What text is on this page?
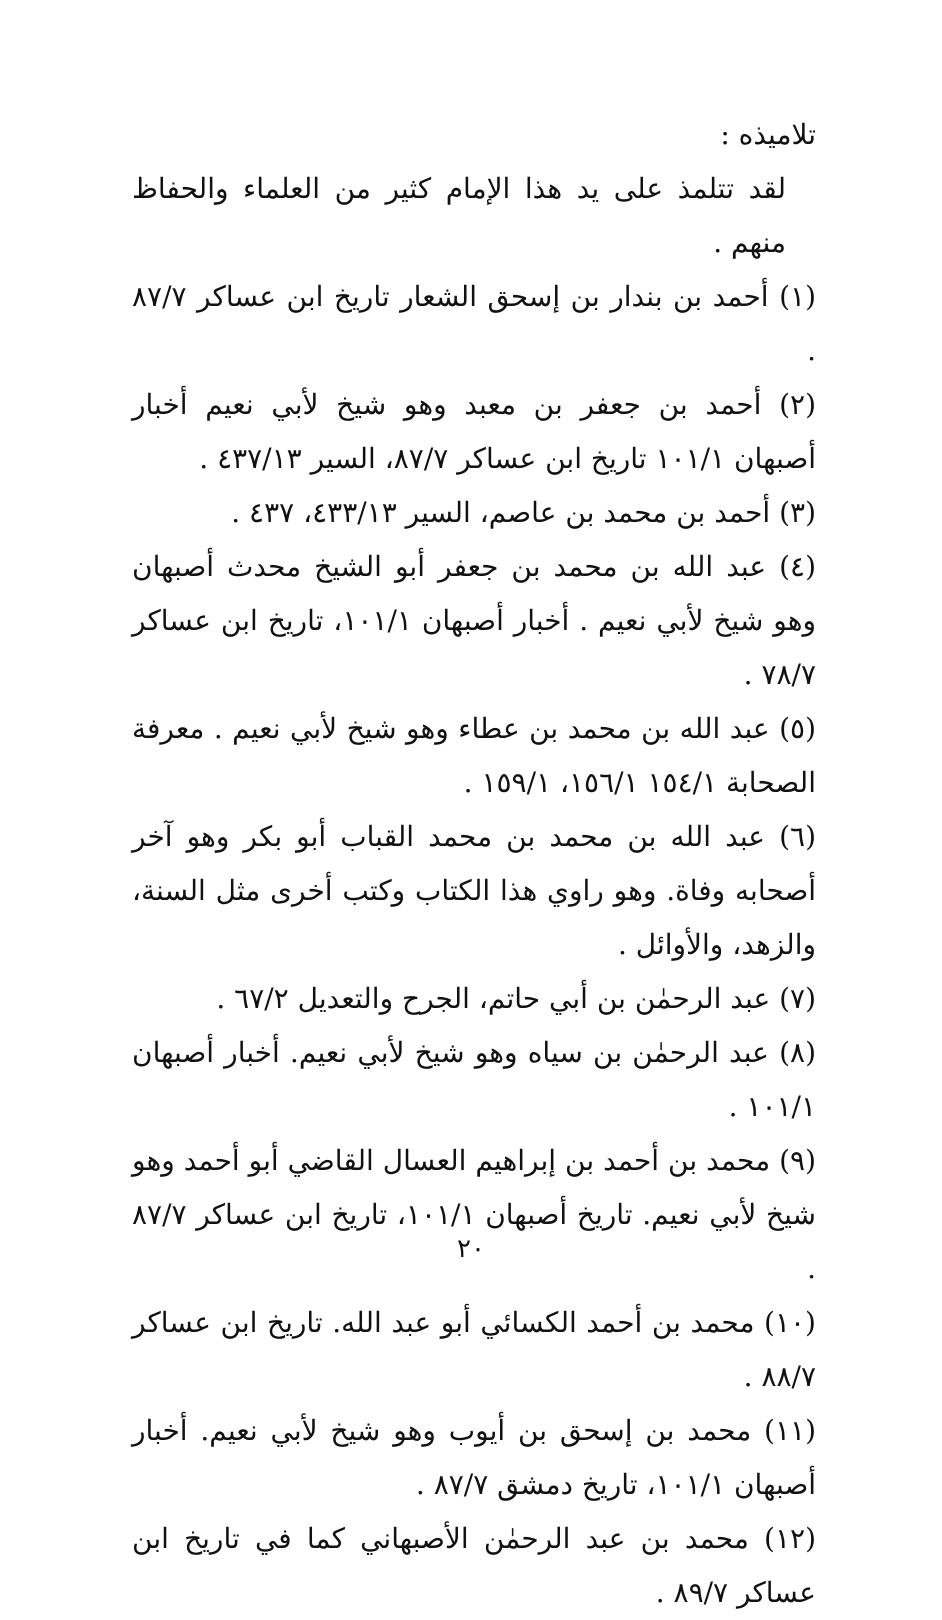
تلاميذه :
لقد تتلمذ على يد هذا الإمام كثير من العلماء والحفاظ منهم .
(١) أحمد بن بندار بن إسحق الشعار تاريخ ابن عساكر ٨٧/٧ .
(٢) أحمد بن جعفر بن معبد وهو شيخ لأبي نعيم أخبار أصبهان ١٠١/١ تاريخ ابن عساكر ٨٧/٧، السير ٤٣٧/١٣ .
(٣) أحمد بن محمد بن عاصم، السير ٤٣٣/١٣، ٤٣٧ .
(٤) عبد الله بن محمد بن جعفر أبو الشيخ محدث أصبهان وهو شيخ لأبي نعيم . أخبار أصبهان ١٠١/١، تاريخ ابن عساكر ٧٨/٧ .
(٥) عبد الله بن محمد بن عطاء وهو شيخ لأبي نعيم . معرفة الصحابة ١٥٤/١ ١٥٦/١، ١٥٩/١ .
(٦) عبد الله بن محمد بن محمد القباب أبو بكر وهو آخر أصحابه وفاة. وهو راوي هذا الكتاب وكتب أخرى مثل السنة، والزهد، والأوائل .
(٧) عبد الرحمٰن بن أبي حاتم، الجرح والتعديل ٦٧/٢ .
(٨) عبد الرحمٰن بن سياه وهو شيخ لأبي نعيم. أخبار أصبهان ١٠١/١ .
(٩) محمد بن أحمد بن إبراهيم العسال القاضي أبو أحمد وهو شيخ لأبي نعيم. تاريخ أصبهان ١٠١/١، تاريخ ابن عساكر ٨٧/٧ .
(١٠) محمد بن أحمد الكسائي أبو عبد الله. تاريخ ابن عساكر ٨٨/٧ .
(١١) محمد بن إسحق بن أيوب وهو شيخ لأبي نعيم. أخبار أصبهان ١٠١/١، تاريخ دمشق ٨٧/٧ .
(١٢) محمد بن عبد الرحمٰن الأصبهاني كما في تاريخ ابن عساكر ٨٩/٧ .
٢٠
